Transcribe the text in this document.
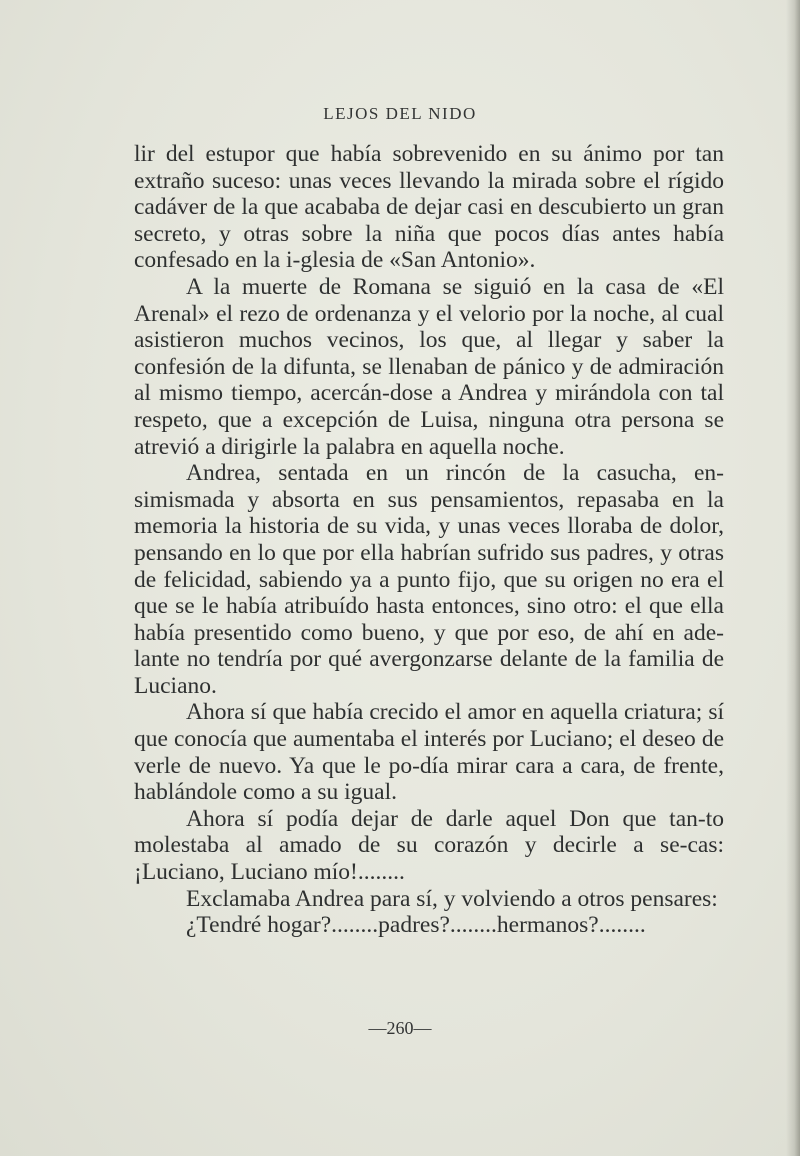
LEJOS DEL NIDO

lir del estupor que había sobrevenido en su ánimo por tan extraño suceso: unas veces llevando la mirada sobre el rígido cadáver de la que acababa de dejar casi en descubierto un gran secreto, y otras sobre la niña que pocos días antes había confesado en la i-glesia de «San Antonio».

A la muerte de Romana se siguió en la casa de «El Arenal» el rezo de ordenanza y el velorio por la noche, al cual asistieron muchos vecinos, los que, al llegar y saber la confesión de la difunta, se llenaban de pánico y de admiración al mismo tiempo, acercán-dose a Andrea y mirándola con tal respeto, que a excepción de Luisa, ninguna otra persona se atrevió a dirigirle la palabra en aquella noche.

Andrea, sentada en un rincón de la casucha, en-simismada y absorta en sus pensamientos, repasaba en la memoria la historia de su vida, y unas veces lloraba de dolor, pensando en lo que por ella habrían sufrido sus padres, y otras de felicidad, sabiendo ya a punto fijo, que su origen no era el que se le había atribuído hasta entonces, sino otro: el que ella había presentido como bueno, y que por eso, de ahí en ade-lante no tendría por qué avergonzarse delante de la familia de Luciano.

Ahora sí que había crecido el amor en aquella criatura; sí que conocía que aumentaba el interés por Luciano; el deseo de verle de nuevo. Ya que le po-día mirar cara a cara, de frente, hablándole como a su igual.

Ahora sí podía dejar de darle aquel Don que tan-to molestaba al amado de su corazón y decirle a se-cas: ¡Luciano, Luciano mío!........

Exclamaba Andrea para sí, y volviendo a otros pensares:

¿Tendré hogar?........padres?........hermanos?........

—260—
